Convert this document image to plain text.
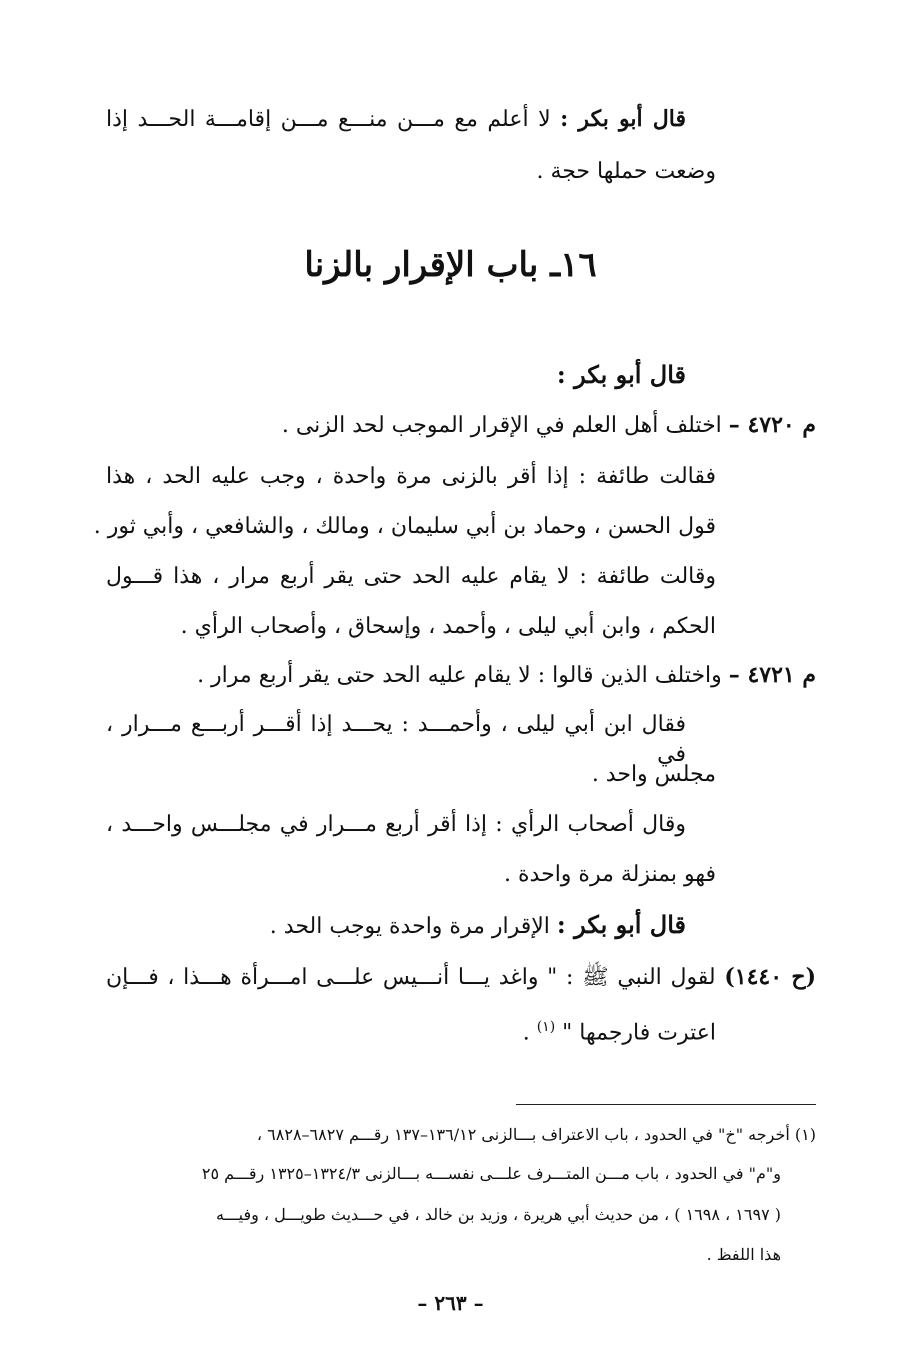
قال أبو بكر : لا أعلم مع مـــن منـــع مـــن إقامـــة الحـــد إذا
وضعت حملها حجة .
١٦ـ باب الإقرار بالزنا
قال أبو بكر :
م ٤٧٢٠ – اختلف أهل العلم في الإقرار الموجب لحد الزنى .
فقالت طائفة : إذا أقر بالزنى مرة واحدة ، وجب عليه الحد ، هذا
قول الحسن ، وحماد بن أبي سليمان ، ومالك ، والشافعي ، وأبي ثور .
وقالت طائفة : لا يقام عليه الحد حتى يقر أربع مرار ، هذا قـــول
الحكم ، وابن أبي ليلى ، وأحمد ، وإسحاق ، وأصحاب الرأي .
م ٤٧٢١ – واختلف الذين قالوا : لا يقام عليه الحد حتى يقر أربع مرار .
فقال ابن أبي ليلى ، وأحمـــد : يحـــد إذا أقـــر أربـــع مـــرار ، في
مجلس واحد .
وقال أصحاب الرأي : إذا أقر أربع مـــرار في مجلـــس واحـــد ،
فهو بمنزلة مرة واحدة .
قال أبو بكر : الإقرار مرة واحدة يوجب الحد .
(ح ١٤٤٠) لقول النبي ﷺ : " واغد يـــا أنـــيس علـــى امـــرأة هـــذا ، فـــإن
اعترت فارجمها " $^{(١)}$ .
(١) أخرجه "خ" في الحدود ، باب الاعتراف بـــالزنى ١٣٦/١٢–١٣٧ رقـــم ٦٨٢٧–٦٨٢٨ ،
و"م" في الحدود ، باب مـــن المتـــرف علـــى نفســـه بـــالزنى ١٣٢٤/٣–١٣٢٥ رقـــم ٢٥
( ١٦٩٧ ، ١٦٩٨ ) ، من حديث أبي هريرة ، وزيد بن خالد ، في حـــديث طويـــل ، وفيـــه
هذا اللفظ .
– ٢٦٣ –
